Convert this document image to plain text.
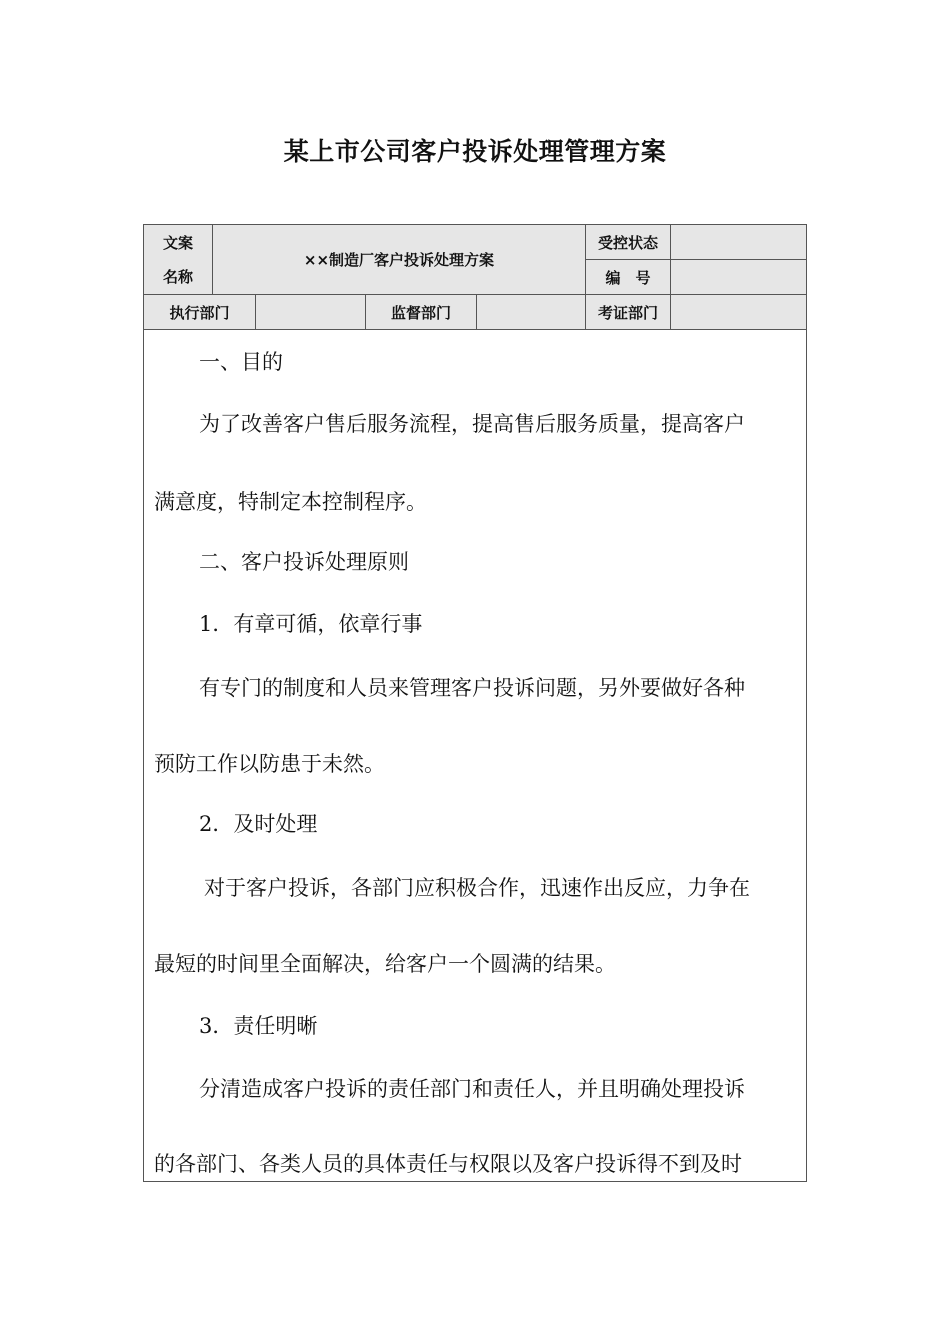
某上市公司客户投诉处理管理方案
文案
名称
××制造厂客户投诉处理方案
受控状态
编　号
执行部门	监督部门	考证部门
一、目的
为了改善客户售后服务流程，提高售后服务质量，提高客户
满意度，特制定本控制程序。
二、客户投诉处理原则
1．有章可循，依章行事
有专门的制度和人员来管理客户投诉问题，另外要做好各种
预防工作以防患于未然。
2．及时处理
对于客户投诉，各部门应积极合作，迅速作出反应，力争在
最短的时间里全面解决，给客户一个圆满的结果。
3．责任明晰
分清造成客户投诉的责任部门和责任人，并且明确处理投诉
的各部门、各类人员的具体责任与权限以及客户投诉得不到及时
